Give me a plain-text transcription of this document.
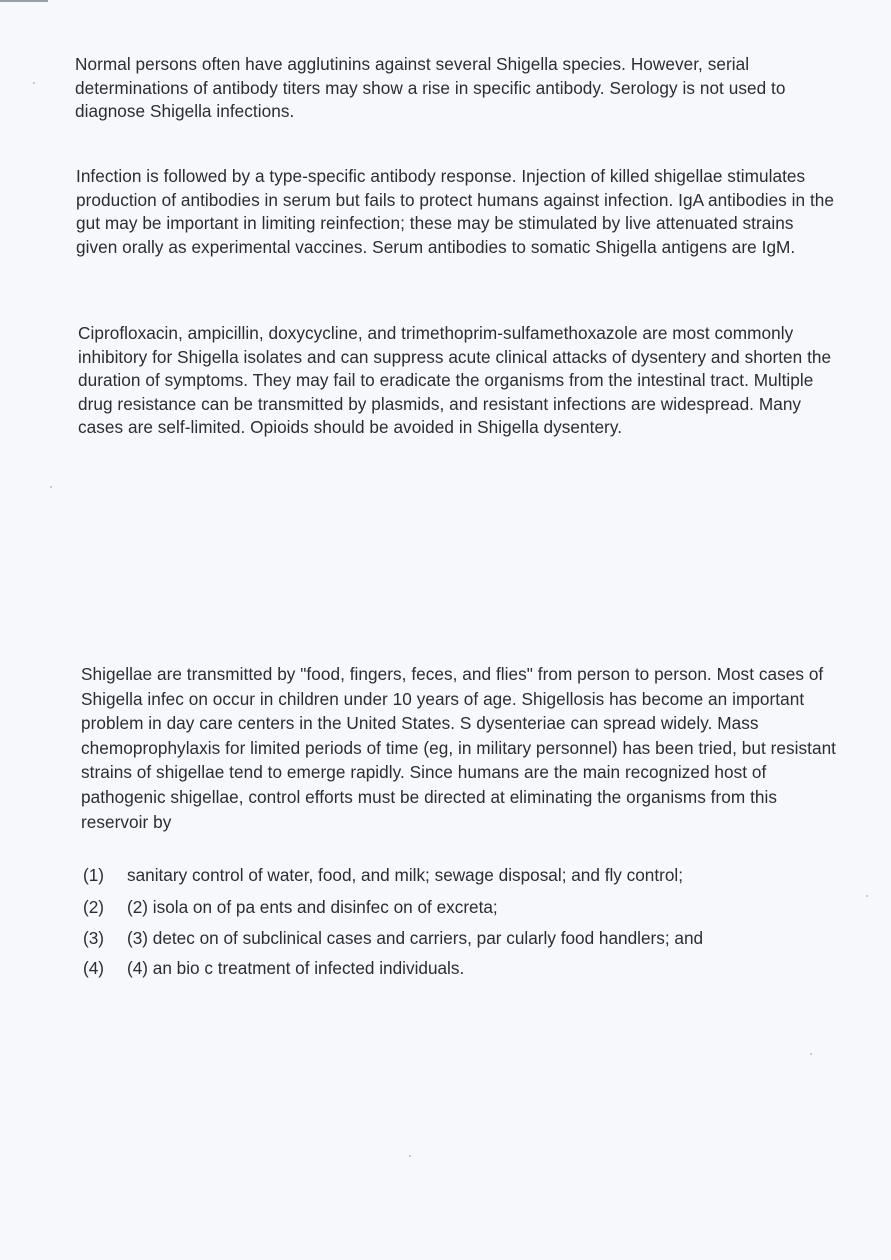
Normal persons often have agglutinins against several Shigella species. However, serial determinations of antibody titers may show a rise in specific antibody. Serology is not used to diagnose Shigella infections.

Infection is followed by a type-specific antibody response. Injection of killed shigellae stimulates production of antibodies in serum but fails to protect humans against infection. IgA antibodies in the gut may be important in limiting reinfection; these may be stimulated by live attenuated strains given orally as experimental vaccines. Serum antibodies to somatic Shigella antigens are IgM.

Ciprofloxacin, ampicillin, doxycycline, and trimethoprim-sulfamethoxazole are most commonly inhibitory for Shigella isolates and can suppress acute clinical attacks of dysentery and shorten the duration of symptoms. They may fail to eradicate the organisms from the intestinal tract. Multiple drug resistance can be transmitted by plasmids, and resistant infections are widespread. Many cases are self-limited. Opioids should be avoided in Shigella dysentery.

Shigellae are transmitted by "food, fingers, feces, and flies" from person to person. Most cases of Shigella infec on occur in children under 10 years of age. Shigellosis has become an important problem in day care centers in the United States. S dysenteriae can spread widely. Mass chemoprophylaxis for limited periods of time (eg, in military personnel) has been tried, but resistant strains of shigellae tend to emerge rapidly. Since humans are the main recognized host of pathogenic shigellae, control efforts must be directed at eliminating the organisms from this reservoir by

(1)	sanitary control of water, food, and milk; sewage disposal; and fly control;
(2)	(2) isola on of pa ents and disinfec on of excreta;
(3)	(3) detec on of subclinical cases and carriers, par cularly food handlers; and
(4)	(4) an bio c treatment of infected individuals.
